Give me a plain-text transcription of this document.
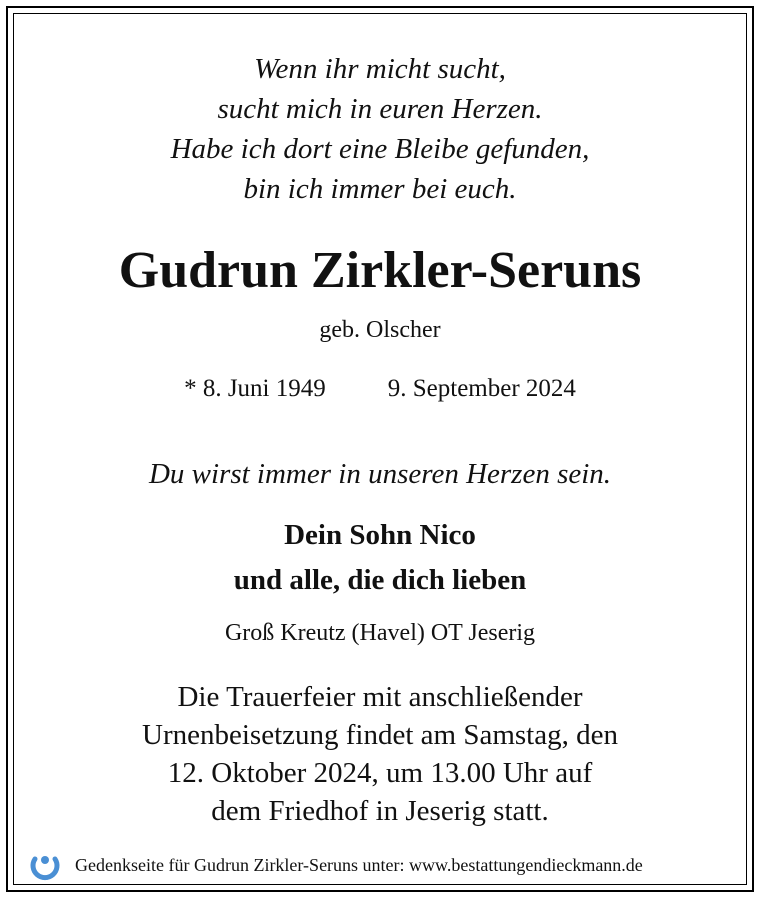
Wenn ihr micht sucht,
sucht mich in euren Herzen.
Habe ich dort eine Bleibe gefunden,
bin ich immer bei euch.
Gudrun Zirkler-Seruns
geb. Olscher
* 8. Juni 1949 9. September 2024
Du wirst immer in unseren Herzen sein.
Dein Sohn Nico
und alle, die dich lieben
Groß Kreutz (Havel) OT Jeserig
Die Trauerfeier mit anschließender
Urnenbeisetzung findet am Samstag, den
12. Oktober 2024, um 13.00 Uhr auf
dem Friedhof in Jeserig statt.
Gedenkseite für Gudrun Zirkler-Seruns unter: www.bestattungendieckmann.de
